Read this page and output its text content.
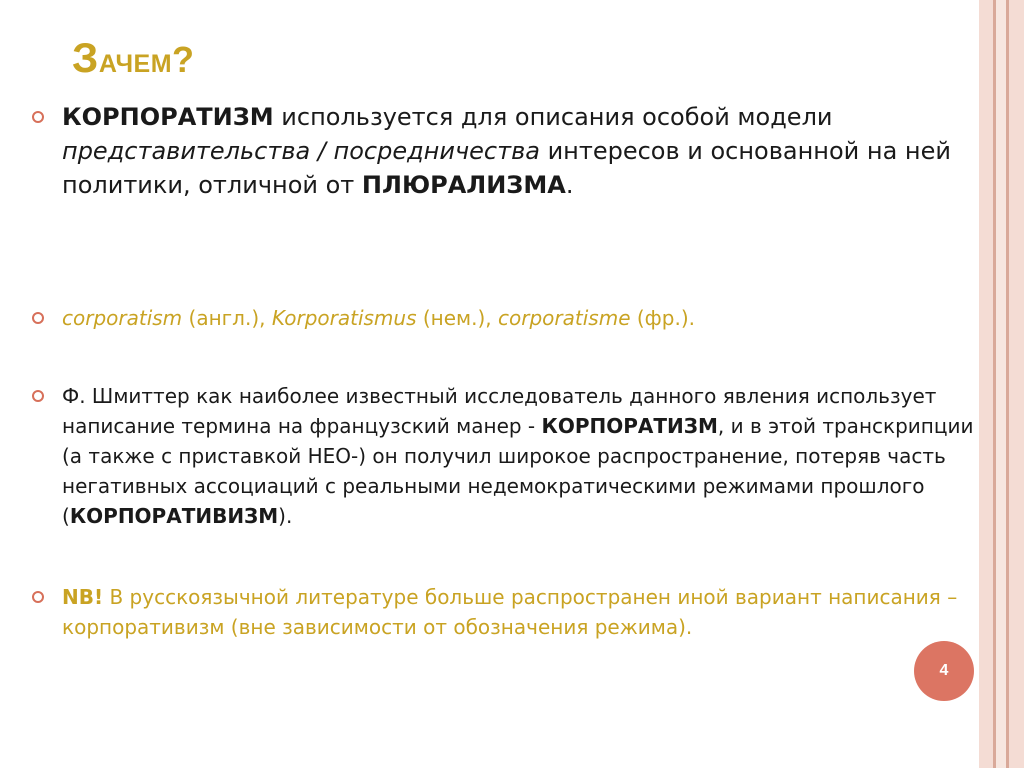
Зачем?

КОРПОРАТИЗМ используется для описания особой модели представительства / посредничества интересов и основанной на ней политики, отличной от ПЛЮРАЛИЗМА.

corporatism (англ.), Korporatismus (нем.), corporatisme (фр.).

Ф. Шмиттер как наиболее известный исследователь данного явления использует написание термина на французский манер - КОРПОРАТИЗМ, и в этой транскрипции (а также с приставкой НЕО-) он получил широкое распространение, потеряв часть негативных ассоциаций с реальными недемократическими режимами прошлого (КОРПОРАТИВИЗМ).

NB! В русскоязычной литературе больше распространен иной вариант написания – корпоративизм (вне зависимости от обозначения режима).

4
